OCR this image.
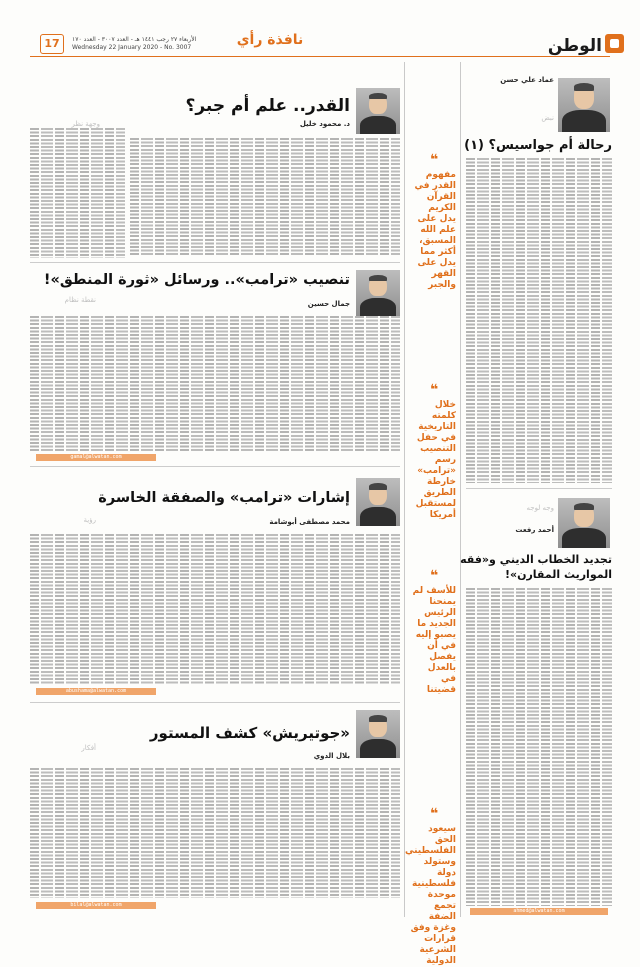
الوطن
نافذة رأي
الأربعاء ٢٧ رجب ١٤٤١ هـ - العدد ٣٠٠٧ - العدد ١٧٠
Wednesday 22 January 2020 - No. 3007
17
عماد علي حسن
نبض
رحالة أم جواسيس؟ (١)
أحمد رفعت
وجه لوجه
تجديد الخطاب الديني و«فقه
المواريث المقارن»!
ahmed@alwatan.com
❝
مفهوم القدر في القرآن الكريم يدل على علم الله المسبق، أكثر مما يدل على القهر والجبر
❝
خلال كلمته التاريخية في حفل التنصيب رسم «ترامب» خارطة الطريق لمستقبل أمريكا
❝
للأسف لم يمنحنا الرئيس الجديد ما يصبو إليه في أن يفصل بالعدل في قضيتنا
❝
سيعود الحق الفلسطيني وستولد دولة فلسطينية موحدة تجمع الضفة وغزة وفق قرارات الشرعية الدولية
القدر.. علم أم جبر؟
د. محمود خليل
وجهة نظر
تنصيب «ترامب».. ورسائل «ثورة المنطق»!
جمال حسين
نقطة نظام
gamal@alwatan.com
إشارات «ترامب» والصفقة الخاسرة
محمد مصطفى أبوشامة
رؤية
abushama@alwatan.com
«جوتيريش» كشف المستور
بلال الدوي
أفكار
bilal@alwatan.com
